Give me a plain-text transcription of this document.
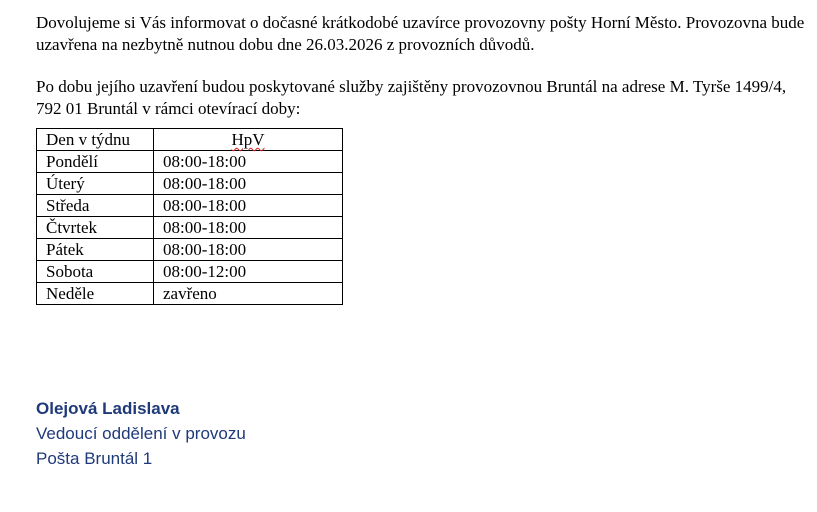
Dovolujeme si Vás informovat o dočasné krátkodobé uzavírce provozovny pošty Horní Město. Provozovna bude uzavřena na nezbytně nutnou dobu dne 26.03.2026 z provozních důvodů.

Po dobu jejího uzavření budou poskytované služby zajištěny provozovnou Bruntál na adrese M. Tyrše 1499/4, 792 01 Bruntál v rámci otevírací doby:

Den v týdnu	HpV
Pondělí	08:00-18:00
Úterý	08:00-18:00
Středa	08:00-18:00
Čtvrtek	08:00-18:00
Pátek	08:00-18:00
Sobota	08:00-12:00
Neděle	zavřeno
Olejová Ladislava
Vedoucí oddělení v provozu
Pošta Bruntál 1
